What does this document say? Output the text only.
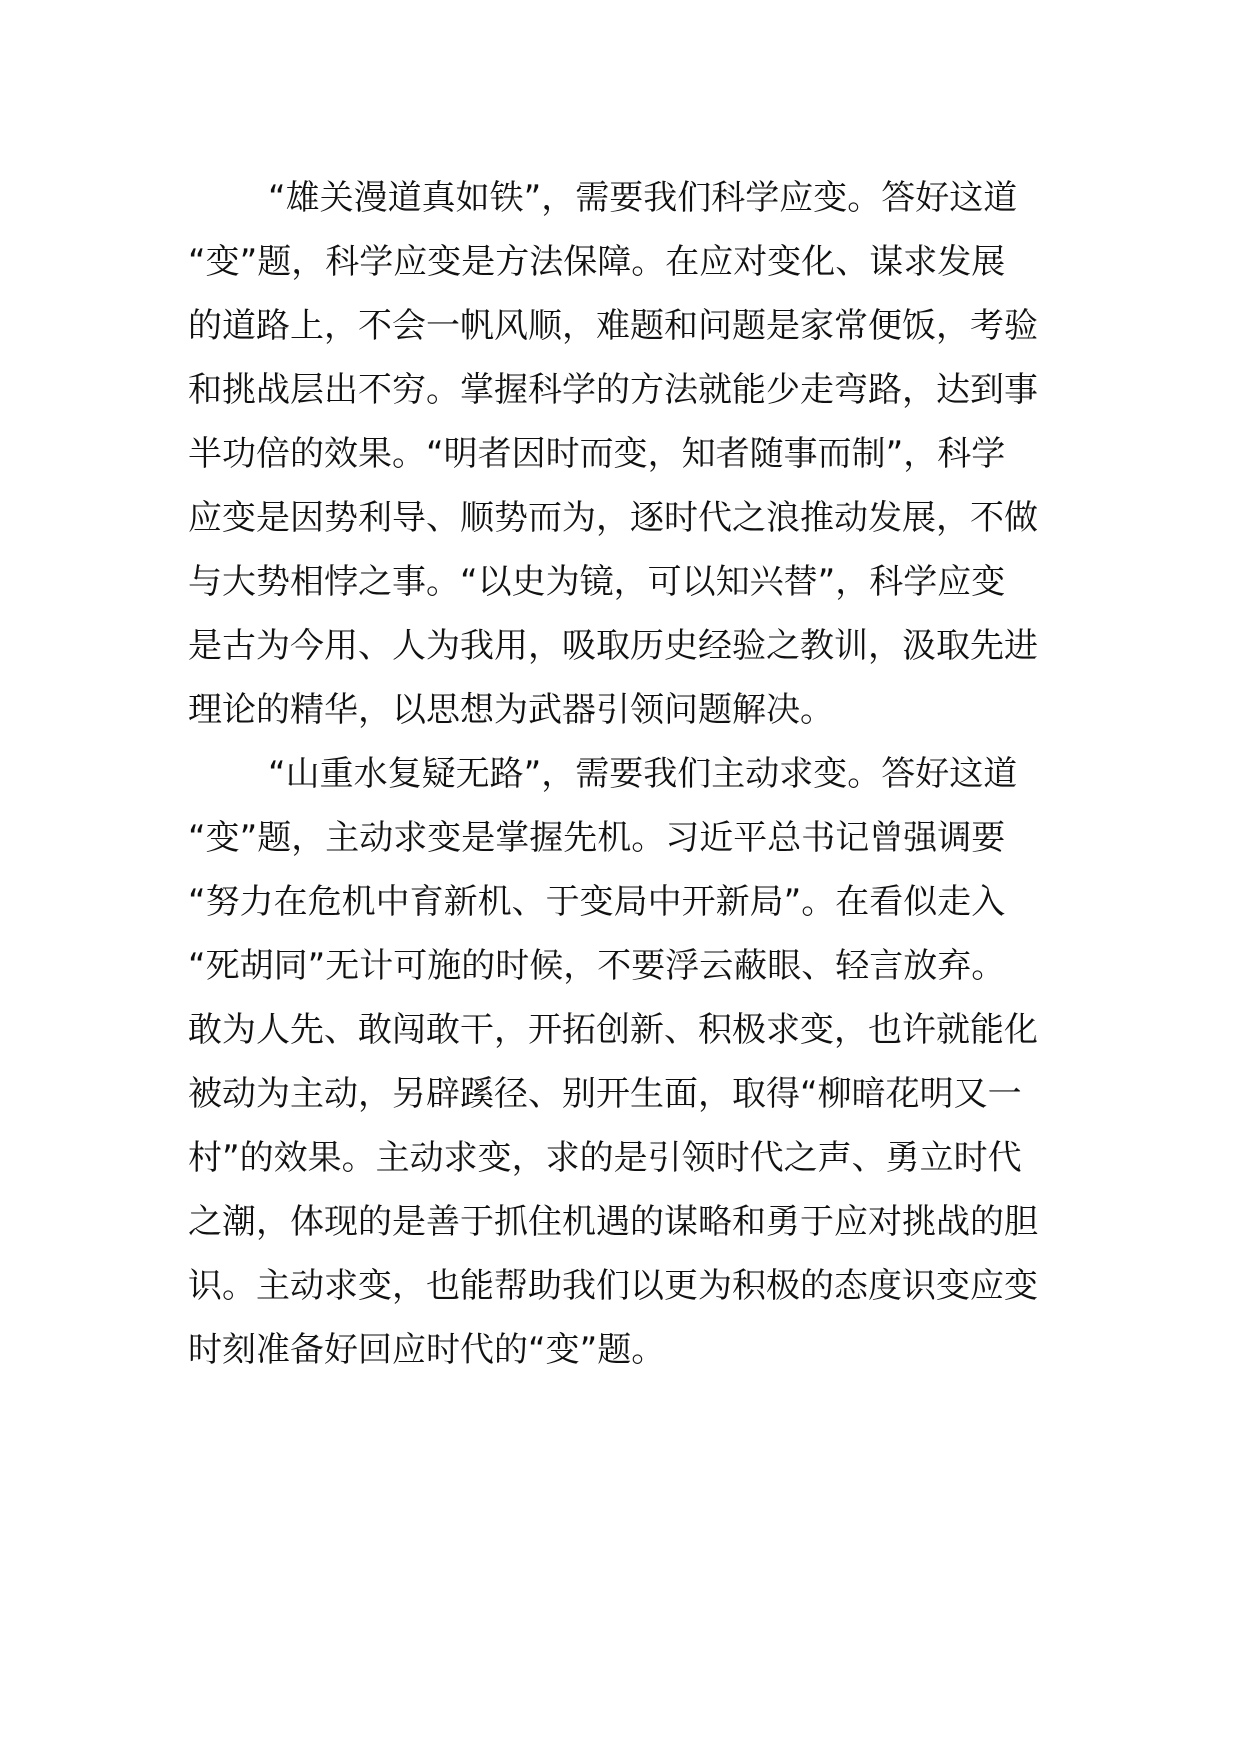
“雄关漫道真如铁”，需要我们科学应变。答好这道
“变”题，科学应变是方法保障。在应对变化、谋求发展
的道路上，不会一帆风顺，难题和问题是家常便饭，考验
和挑战层出不穷。掌握科学的方法就能少走弯路，达到事
半功倍的效果。“明者因时而变，知者随事而制”，科学
应变是因势利导、顺势而为，逐时代之浪推动发展，不做
与大势相悖之事。“以史为镜，可以知兴替”，科学应变
是古为今用、人为我用，吸取历史经验之教训，汲取先进
理论的精华，以思想为武器引领问题解决。
“山重水复疑无路”，需要我们主动求变。答好这道
“变”题，主动求变是掌握先机。习近平总书记曾强调要
“努力在危机中育新机、于变局中开新局”。在看似走入
“死胡同”无计可施的时候，不要浮云蔽眼、轻言放弃。
敢为人先、敢闯敢干，开拓创新、积极求变，也许就能化
被动为主动，另辟蹊径、别开生面，取得“柳暗花明又一
村”的效果。主动求变，求的是引领时代之声、勇立时代
之潮，体现的是善于抓住机遇的谋略和勇于应对挑战的胆
识。主动求变，也能帮助我们以更为积极的态度识变应变
时刻准备好回应时代的“变”题。
